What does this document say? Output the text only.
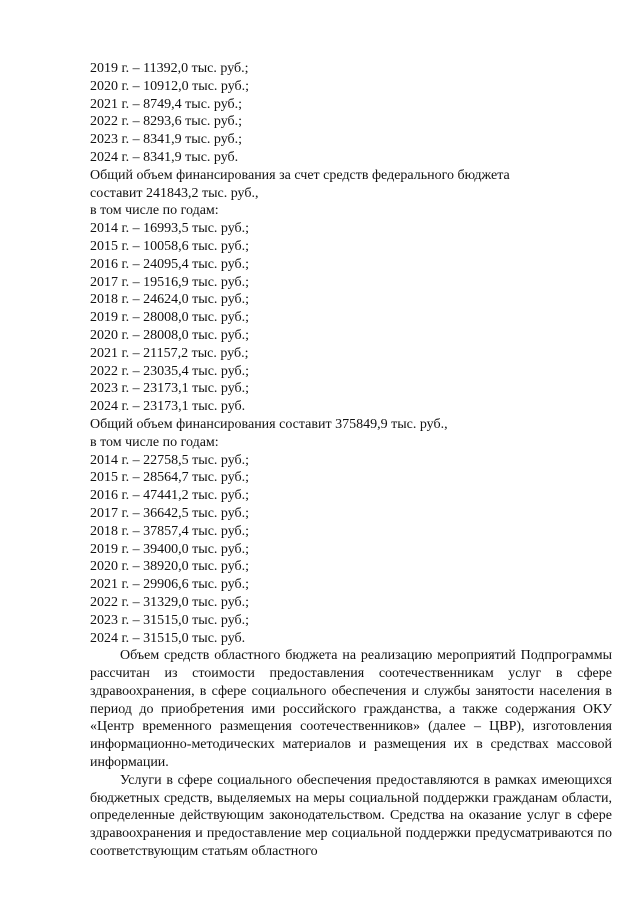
2019 г. – 11392,0 тыс. руб.;

2020 г. – 10912,0 тыс. руб.;

2021 г. – 8749,4 тыс. руб.;

2022 г. – 8293,6 тыс. руб.;

2023 г. – 8341,9 тыс. руб.;

2024 г. – 8341,9 тыс. руб.

Общий объем финансирования за счет средств федерального бюджета составит 241843,2 тыс. руб.,

в том числе по годам:

2014 г. – 16993,5 тыс. руб.;

2015 г. – 10058,6 тыс. руб.;

2016 г. – 24095,4 тыс. руб.;

2017 г. – 19516,9 тыс. руб.;

2018 г. – 24624,0 тыс. руб.;

2019 г. – 28008,0 тыс. руб.;

2020 г. – 28008,0 тыс. руб.;

2021 г. – 21157,2 тыс. руб.;

2022 г. – 23035,4 тыс. руб.;

2023 г. – 23173,1 тыс. руб.;

2024 г. – 23173,1 тыс. руб.

Общий объем финансирования составит 375849,9 тыс. руб.,

в том числе по годам:

2014 г. – 22758,5 тыс. руб.;

2015 г. – 28564,7 тыс. руб.;

2016 г. – 47441,2 тыс. руб.;

2017 г. – 36642,5 тыс. руб.;

2018 г. – 37857,4 тыс. руб.;

2019 г. – 39400,0 тыс. руб.;

2020 г. – 38920,0 тыс. руб.;

2021 г. – 29906,6 тыс. руб.;

2022 г. – 31329,0 тыс. руб.;

2023 г. – 31515,0 тыс. руб.;

2024 г. – 31515,0 тыс. руб.

Объем средств областного бюджета на реализацию мероприятий Подпрограммы рассчитан из стоимости предоставления соотечественникам услуг в сфере здравоохранения, в сфере социального обеспечения и службы занятости населения в период до приобретения ими российского гражданства, а также содержания ОКУ «Центр временного размещения соотечественников» (далее – ЦВР), изготовления информационно-методических материалов и размещения их в средствах массовой информации.

Услуги в сфере социального обеспечения предоставляются в рамках имеющихся бюджетных средств, выделяемых на меры социальной поддержки гражданам области, определенные действующим законодательством. Средства на оказание услуг в сфере здравоохранения и предоставление мер социальной поддержки предусматриваются по соответствующим статьям областного
